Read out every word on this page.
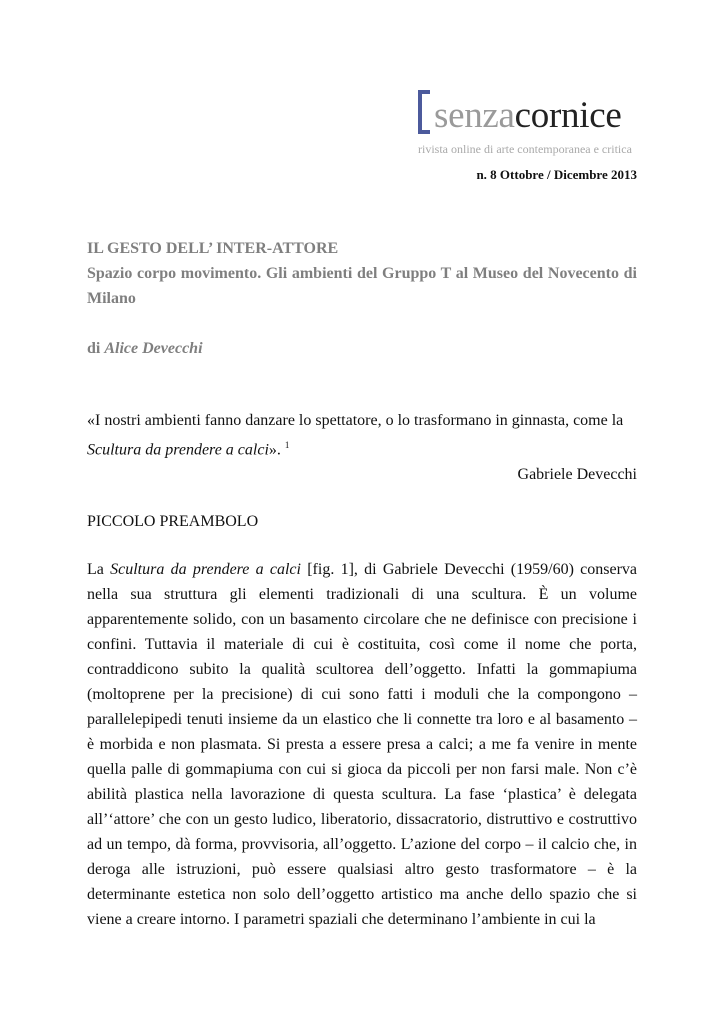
senzacornice
rivista online di arte contemporanea e critica
n. 8 Ottobre / Dicembre 2013
IL GESTO DELL’ INTER-ATTORE
Spazio corpo movimento. Gli ambienti del Gruppo T al Museo del Novecento di Milano
di Alice Devecchi
«I nostri ambienti fanno danzare lo spettatore, o lo trasformano in ginnasta, come la Scultura da prendere a calci». $^1$
Gabriele Devecchi
PICCOLO PREAMBOLO
La Scultura da prendere a calci [fig. 1], di Gabriele Devecchi (1959/60) conserva nella sua struttura gli elementi tradizionali di una scultura. È un volume apparentemente solido, con un basamento circolare che ne definisce con precisione i confini. Tuttavia il materiale di cui è costituita, così come il nome che porta, contraddicono subito la qualità scultorea dell’oggetto. Infatti la gommapiuma (moltoprene per la precisione) di cui sono fatti i moduli che la compongono – parallelepipedi tenuti insieme da un elastico che li connette tra loro e al basamento – è morbida e non plasmata. Si presta a essere presa a calci; a me fa venire in mente quella palle di gommapiuma con cui si gioca da piccoli per non farsi male. Non c’è abilità plastica nella lavorazione di questa scultura. La fase ‘plastica’ è delegata all’‘attore’ che con un gesto ludico, liberatorio, dissacratorio, distruttivo e costruttivo ad un tempo, dà forma, provvisoria, all’oggetto. L’azione del corpo – il calcio che, in deroga alle istruzioni, può essere qualsiasi altro gesto trasformatore – è la determinante estetica non solo dell’oggetto artistico ma anche dello spazio che si viene a creare intorno. I parametri spaziali che determinano l’ambiente in cui la
